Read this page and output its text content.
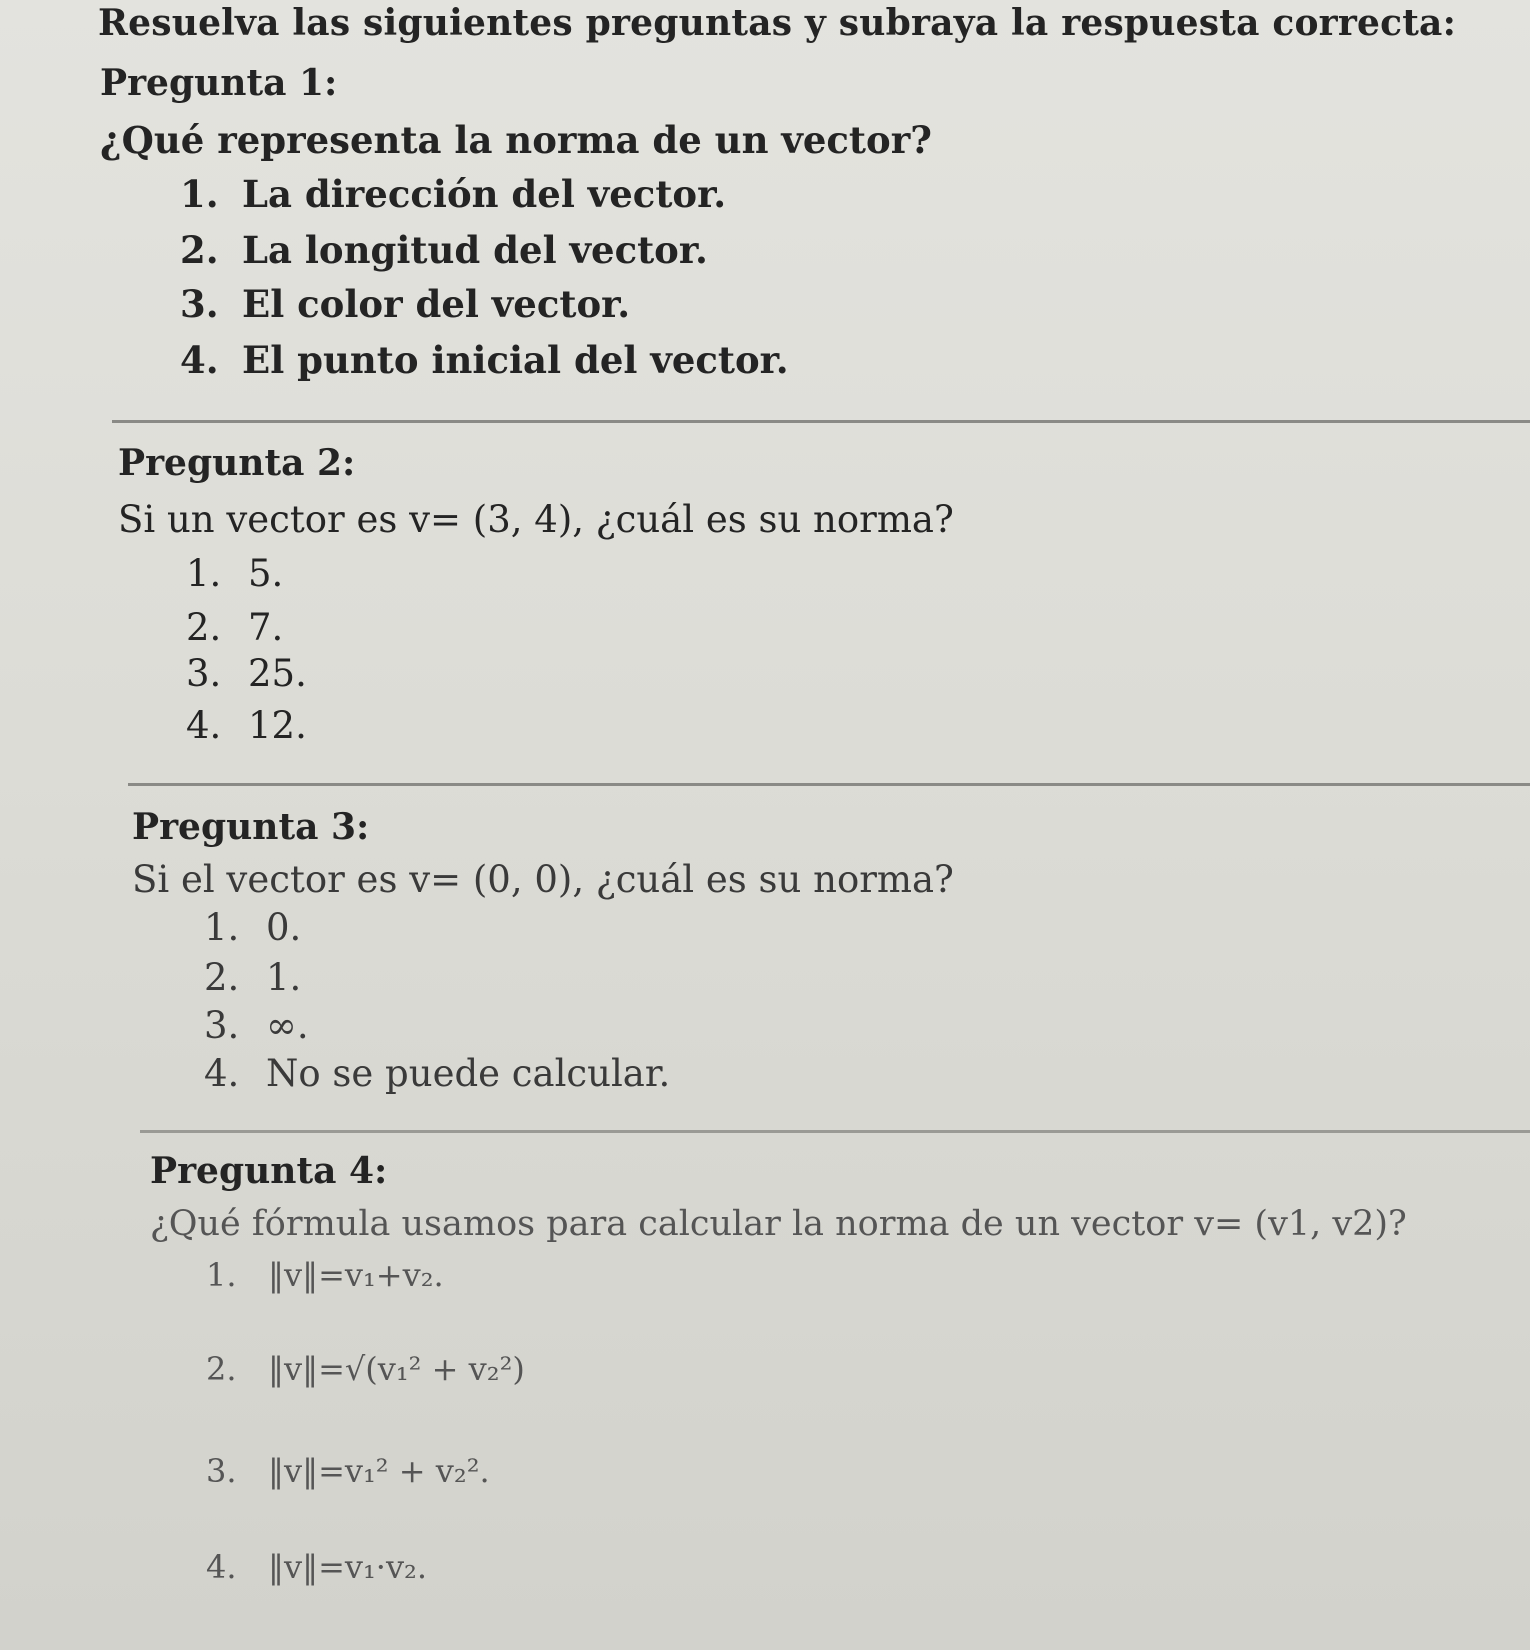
Resuelva las siguientes preguntas y subraya la respuesta correcta:
Pregunta 1:
¿Qué representa la norma de un vector?
1. La dirección del vector.
2. La longitud del vector.
3. El color del vector.
4. El punto inicial del vector.
Pregunta 2:
Si un vector es v= (3, 4), ¿cuál es su norma?
1. 5.
2. 7.
3. 25.
4. 12.
Pregunta 3:
Si el vector es v= (0, 0), ¿cuál es su norma?
1. 0.
2. 1.
3. ∞.
4. No se puede calcular.
Pregunta 4:
¿Qué fórmula usamos para calcular la norma de un vector v= (v1, v2)?
1. ‖v‖=v₁+v₂.
2. ‖v‖=√(v₁² + v₂²)
3. ‖v‖=v₁² + v₂².
4. ‖v‖=v₁·v₂.
